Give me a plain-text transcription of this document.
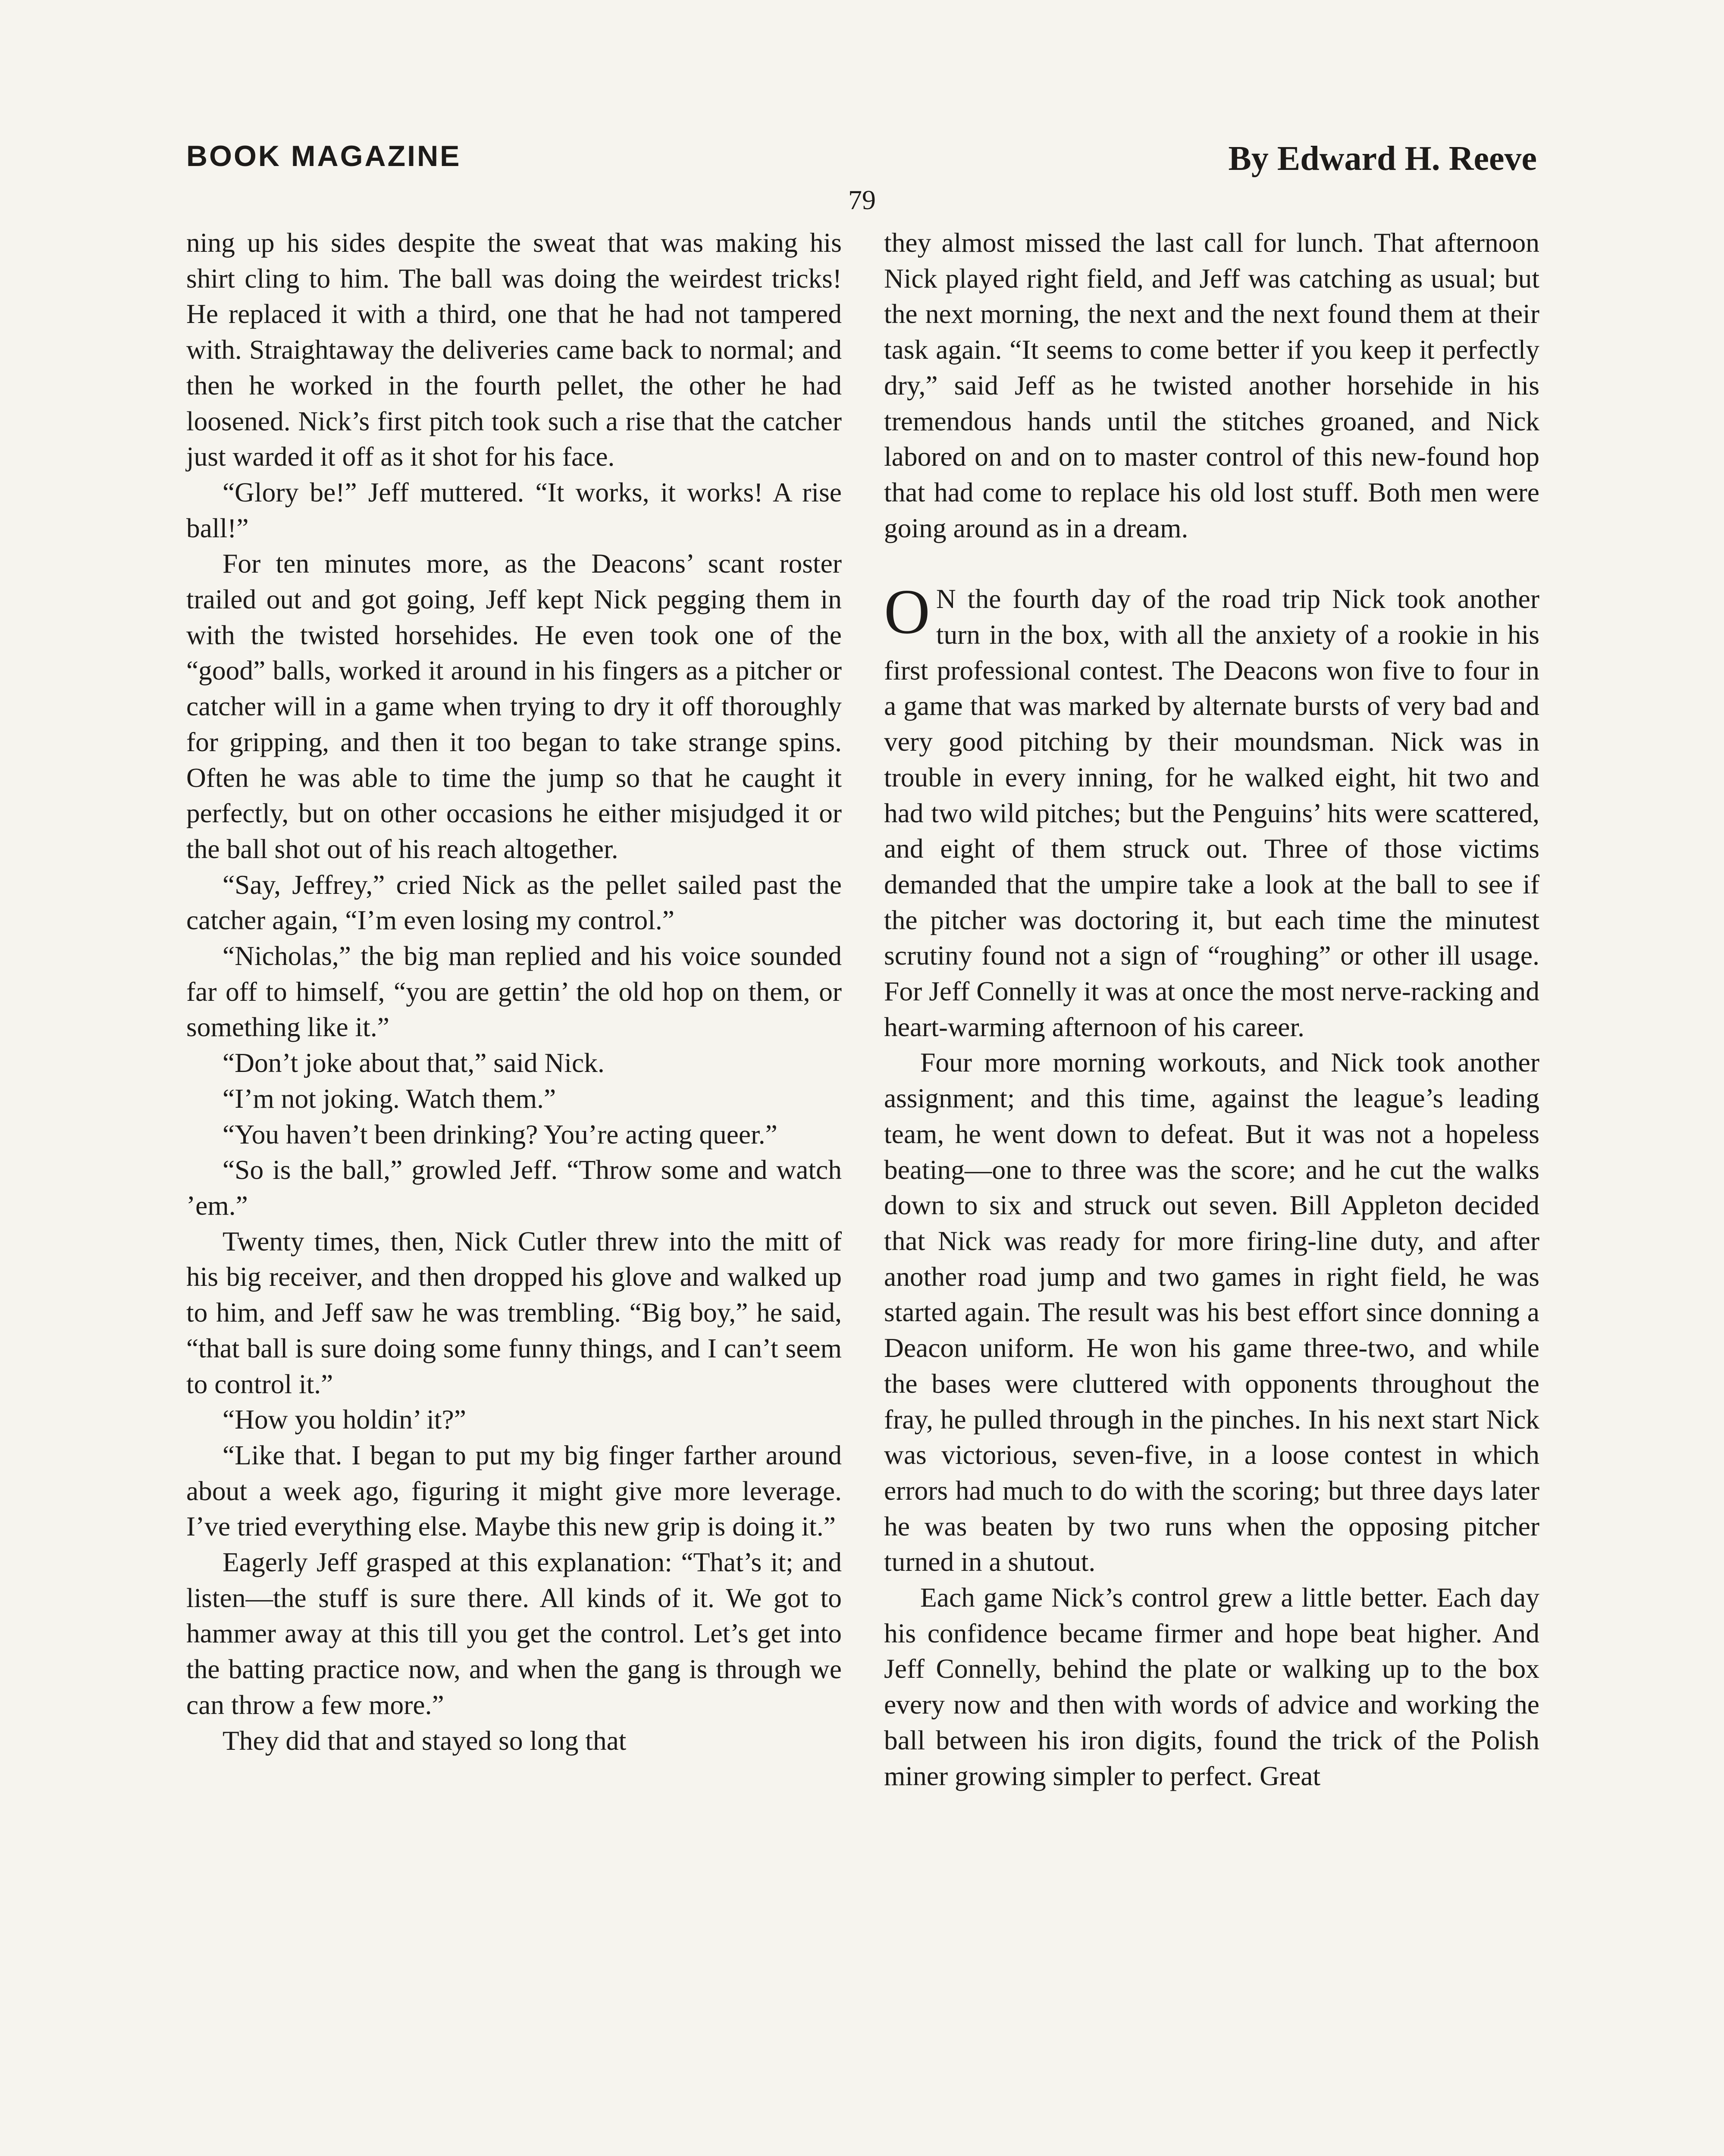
BOOK MAGAZINE	By Edward H. Reeve
79

ning up his sides despite the sweat that was making his shirt cling to him. The ball was doing the weirdest tricks! He replaced it with a third, one that he had not tampered with. Straightaway the deliveries came back to normal; and then he worked in the fourth pellet, the other he had loosened. Nick’s first pitch took such a rise that the catcher just warded it off as it shot for his face.

“Glory be!” Jeff muttered. “It works, it works! A rise ball!”

For ten minutes more, as the Deacons’ scant roster trailed out and got going, Jeff kept Nick pegging them in with the twisted horsehides. He even took one of the “good” balls, worked it around in his fingers as a pitcher or catcher will in a game when trying to dry it off thoroughly for gripping, and then it too began to take strange spins. Often he was able to time the jump so that he caught it perfectly, but on other occasions he either misjudged it or the ball shot out of his reach altogether.

“Say, Jeffrey,” cried Nick as the pellet sailed past the catcher again, “I’m even losing my control.”

“Nicholas,” the big man replied and his voice sounded far off to himself, “you are gettin’ the old hop on them, or something like it.”

“Don’t joke about that,” said Nick.

“I’m not joking. Watch them.”

“You haven’t been drinking? You’re acting queer.”

“So is the ball,” growled Jeff. “Throw some and watch ’em.”

Twenty times, then, Nick Cutler threw into the mitt of his big receiver, and then dropped his glove and walked up to him, and Jeff saw he was trembling. “Big boy,” he said, “that ball is sure doing some funny things, and I can’t seem to control it.”

“How you holdin’ it?”

“Like that. I began to put my big finger farther around about a week ago, figuring it might give more leverage. I’ve tried everything else. Maybe this new grip is doing it.”

Eagerly Jeff grasped at this explanation: “That’s it; and listen—the stuff is sure there. All kinds of it. We got to hammer away at this till you get the control. Let’s get into the batting practice now, and when the gang is through we can throw a few more.”

They did that and stayed so long that

they almost missed the last call for lunch. That afternoon Nick played right field, and Jeff was catching as usual; but the next morning, the next and the next found them at their task again. “It seems to come better if you keep it perfectly dry,” said Jeff as he twisted another horsehide in his tremendous hands until the stitches groaned, and Nick labored on and on to master control of this new-found hop that had come to replace his old lost stuff. Both men were going around as in a dream.

ON the fourth day of the road trip Nick took another turn in the box, with all the anxiety of a rookie in his first professional contest. The Deacons won five to four in a game that was marked by alternate bursts of very bad and very good pitching by their moundsman. Nick was in trouble in every inning, for he walked eight, hit two and had two wild pitches; but the Penguins’ hits were scattered, and eight of them struck out. Three of those victims demanded that the umpire take a look at the ball to see if the pitcher was doctoring it, but each time the minutest scrutiny found not a sign of “roughing” or other ill usage. For Jeff Connelly it was at once the most nerve-racking and heart-warming afternoon of his career.

Four more morning workouts, and Nick took another assignment; and this time, against the league’s leading team, he went down to defeat. But it was not a hopeless beating—one to three was the score; and he cut the walks down to six and struck out seven. Bill Appleton decided that Nick was ready for more firing-line duty, and after another road jump and two games in right field, he was started again. The result was his best effort since donning a Deacon uniform. He won his game three-two, and while the bases were cluttered with opponents throughout the fray, he pulled through in the pinches. In his next start Nick was victorious, seven-five, in a loose contest in which errors had much to do with the scoring; but three days later he was beaten by two runs when the opposing pitcher turned in a shutout.

Each game Nick’s control grew a little better. Each day his confidence became firmer and hope beat higher. And Jeff Connelly, behind the plate or walking up to the box every now and then with words of advice and working the ball between his iron digits, found the trick of the Polish miner growing simpler to perfect. Great
